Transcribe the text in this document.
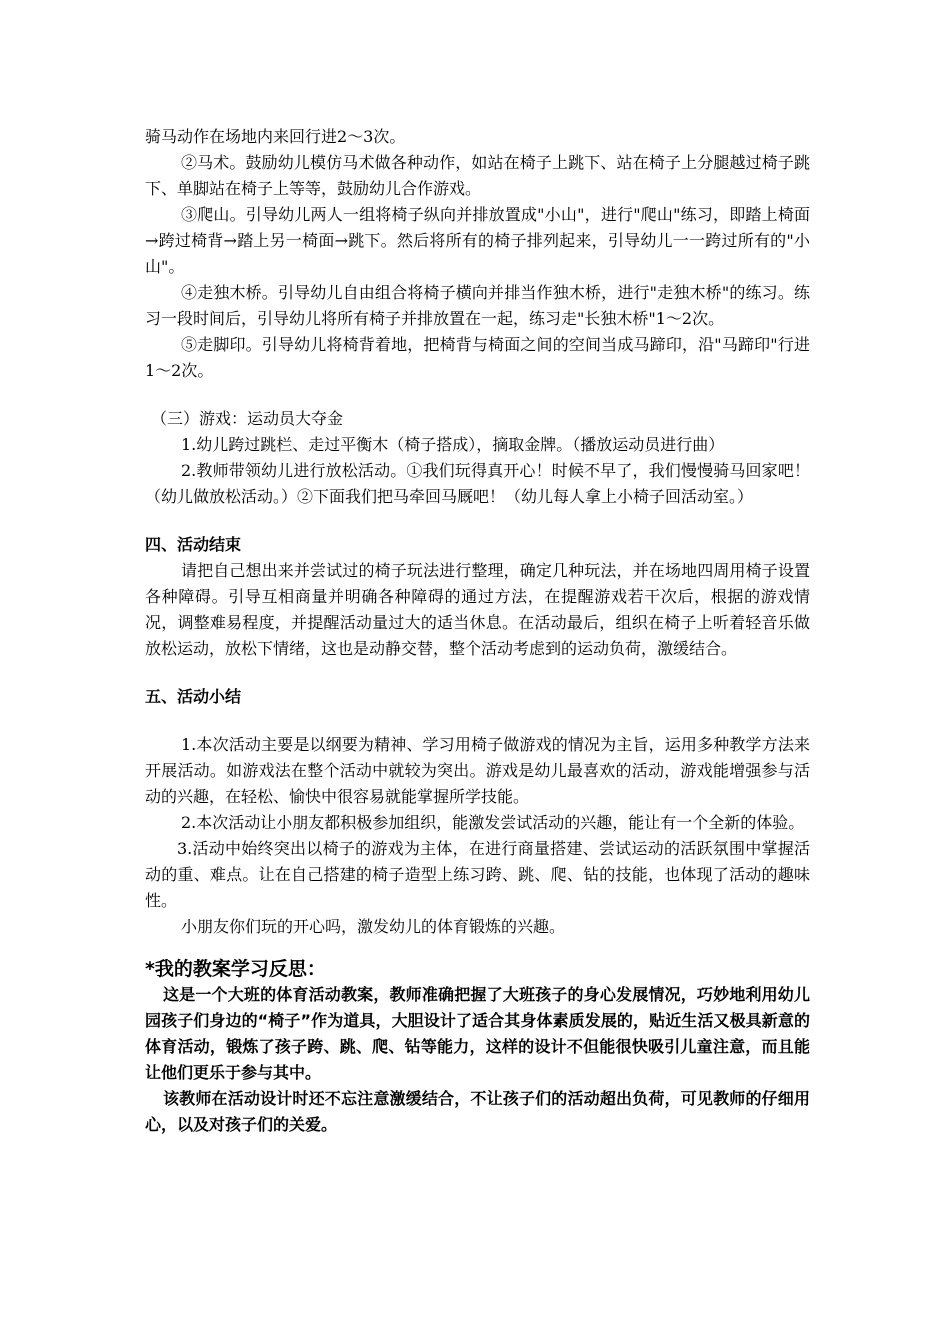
骑马动作在场地内来回行进2～3次。

②马术。鼓励幼儿模仿马术做各种动作，如站在椅子上跳下、站在椅子上分腿越过椅子跳下、单脚站在椅子上等等，鼓励幼儿合作游戏。

③爬山。引导幼儿两人一组将椅子纵向并排放置成"小山"，进行"爬山"练习，即踏上椅面→跨过椅背→踏上另一椅面→跳下。然后将所有的椅子排列起来，引导幼儿一一跨过所有的"小山"。

④走独木桥。引导幼儿自由组合将椅子横向并排当作独木桥，进行"走独木桥"的练习。练习一段时间后，引导幼儿将所有椅子并排放置在一起，练习走"长独木桥"1～2次。

⑤走脚印。引导幼儿将椅背着地，把椅背与椅面之间的空间当成马蹄印，沿"马蹄印"行进1～2次。

（三）游戏：运动员大夺金

1.幼儿跨过跳栏、走过平衡木（椅子搭成），摘取金牌。（播放运动员进行曲）

2.教师带领幼儿进行放松活动。①我们玩得真开心！时候不早了，我们慢慢骑马回家吧！（幼儿做放松活动。）②下面我们把马牵回马厩吧！（幼儿每人拿上小椅子回活动室。）

四、活动结束

请把自己想出来并尝试过的椅子玩法进行整理，确定几种玩法，并在场地四周用椅子设置各种障碍。引导互相商量并明确各种障碍的通过方法，在提醒游戏若干次后，根据的游戏情况，调整难易程度，并提醒活动量过大的适当休息。在活动最后，组织在椅子上听着轻音乐做放松运动，放松下情绪，这也是动静交替，整个活动考虑到的运动负荷，激缓结合。

五、活动小结

1.本次活动主要是以纲要为精神、学习用椅子做游戏的情况为主旨，运用多种教学方法来开展活动。如游戏法在整个活动中就较为突出。游戏是幼儿最喜欢的活动，游戏能增强参与活动的兴趣，在轻松、愉快中很容易就能掌握所学技能。

2.本次活动让小朋友都积极参加组织，能激发尝试活动的兴趣，能让有一个全新的体验。

3.活动中始终突出以椅子的游戏为主体，在进行商量搭建、尝试运动的活跃氛围中掌握活动的重、难点。让在自己搭建的椅子造型上练习跨、跳、爬、钻的技能，也体现了活动的趣味性。

小朋友你们玩的开心吗，激发幼儿的体育锻炼的兴趣。

*我的教案学习反思：

这是一个大班的体育活动教案，教师准确把握了大班孩子的身心发展情况，巧妙地利用幼儿园孩子们身边的“椅子”作为道具，大胆设计了适合其身体素质发展的，贴近生活又极具新意的体育活动，锻炼了孩子跨、跳、爬、钻等能力，这样的设计不但能很快吸引儿童注意，而且能让他们更乐于参与其中。

该教师在活动设计时还不忘注意激缓结合，不让孩子们的活动超出负荷，可见教师的仔细用心，以及对孩子们的关爱。
